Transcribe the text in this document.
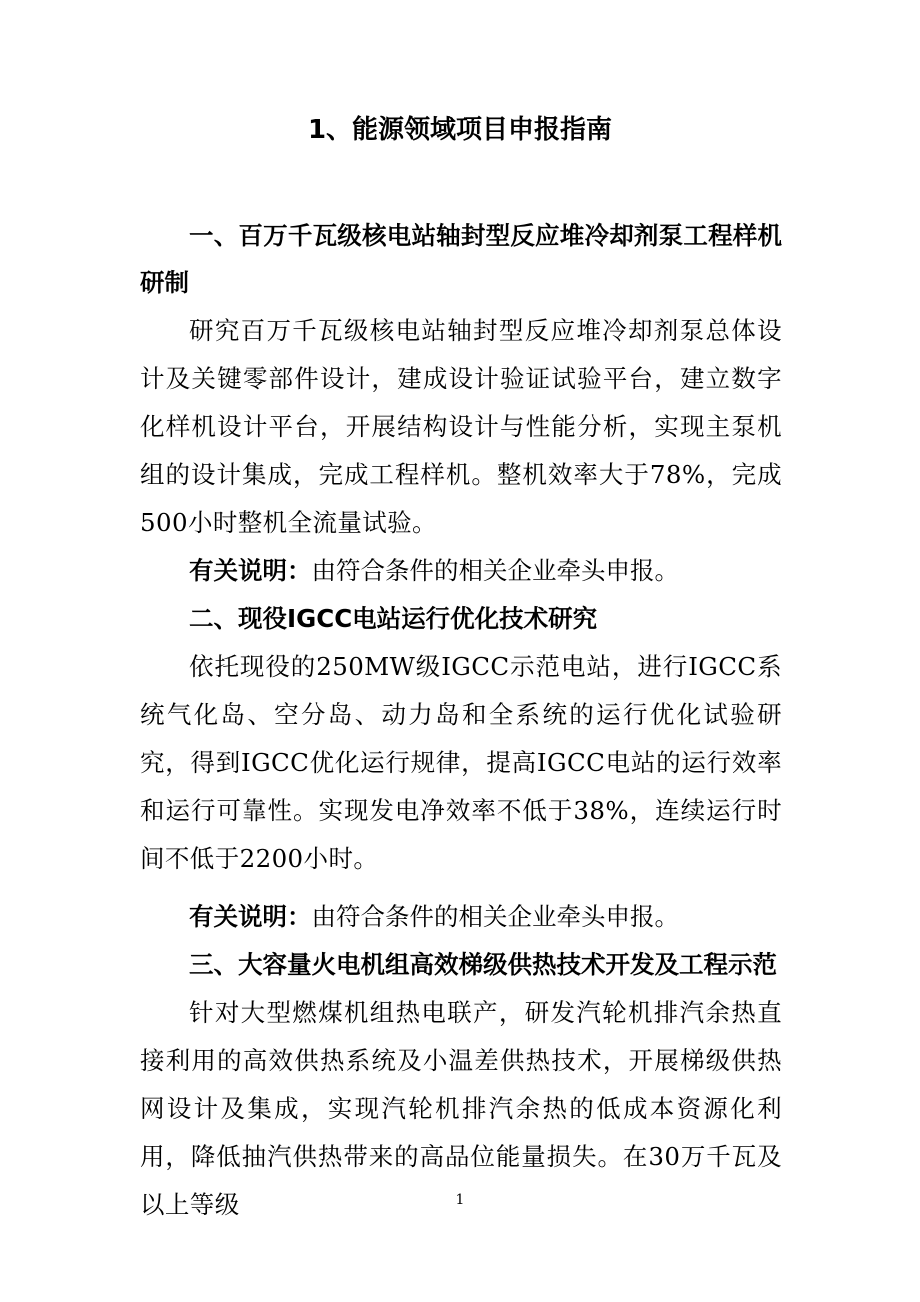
1、能源领域项目申报指南

一、百万千瓦级核电站轴封型反应堆冷却剂泵工程样机研制

研究百万千瓦级核电站轴封型反应堆冷却剂泵总体设计及关键零部件设计，建成设计验证试验平台，建立数字化样机设计平台，开展结构设计与性能分析，实现主泵机组的设计集成，完成工程样机。整机效率大于78%，完成500小时整机全流量试验。

有关说明：由符合条件的相关企业牵头申报。

二、现役IGCC电站运行优化技术研究

依托现役的250MW级IGCC示范电站，进行IGCC系统气化岛、空分岛、动力岛和全系统的运行优化试验研究，得到IGCC优化运行规律，提高IGCC电站的运行效率和运行可靠性。实现发电净效率不低于38%，连续运行时间不低于2200小时。

有关说明：由符合条件的相关企业牵头申报。

三、大容量火电机组高效梯级供热技术开发及工程示范

针对大型燃煤机组热电联产，研发汽轮机排汽余热直接利用的高效供热系统及小温差供热技术，开展梯级供热网设计及集成，实现汽轮机排汽余热的低成本资源化利用，降低抽汽供热带来的高品位能量损失。在30万千瓦及以上等级	1
